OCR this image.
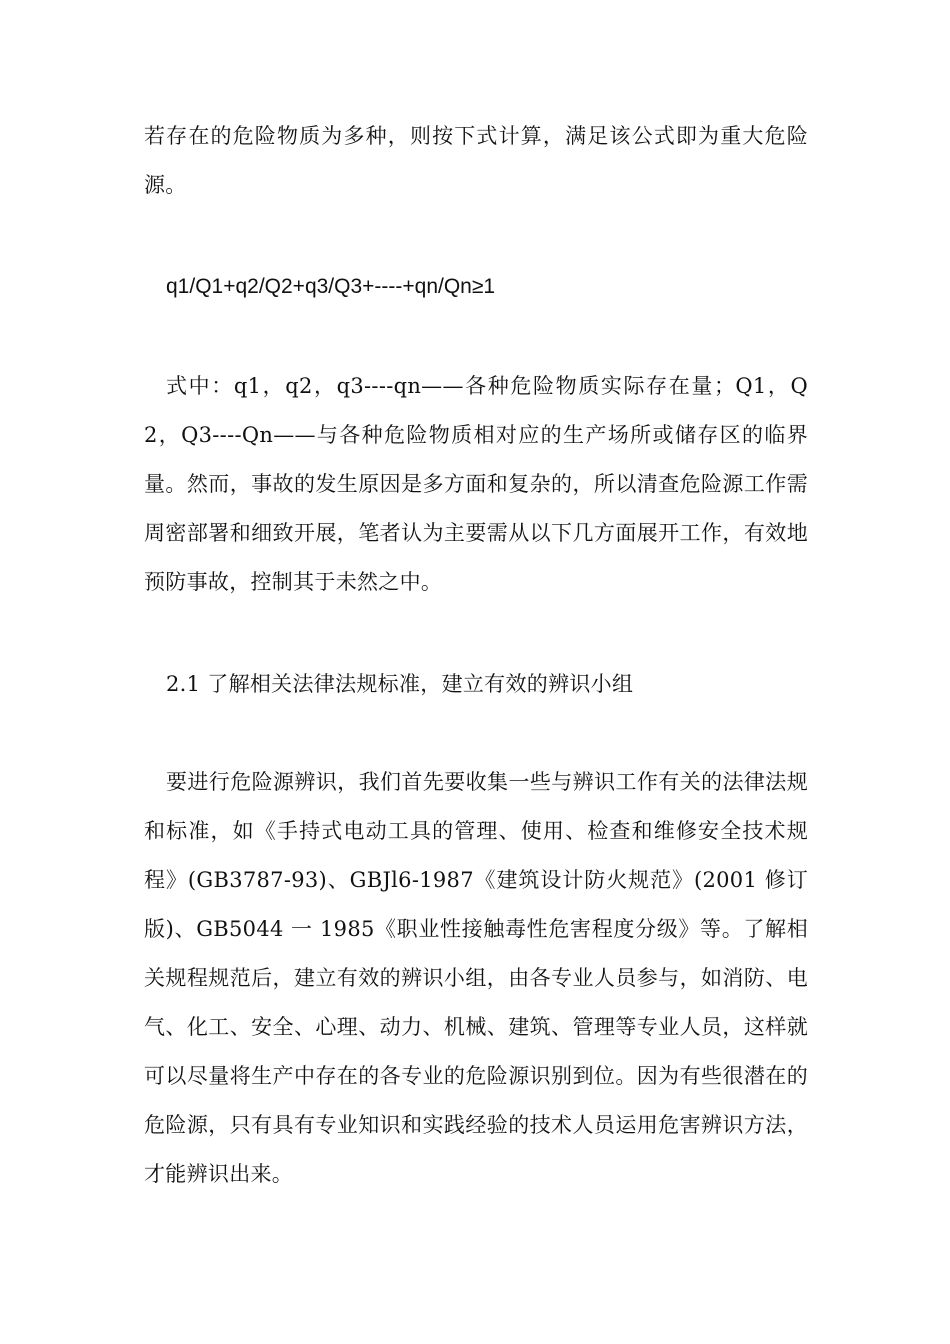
若存在的危险物质为多种，则按下式计算，满足该公式即为重大危险源。

q1/Q1+q2/Q2+q3/Q3+----+qn/Qn≥1

式中：q1，q2，q3----qn——各种危险物质实际存在量；Q1，Q2，Q3----Qn——与各种危险物质相对应的生产场所或储存区的临界量。然而，事故的发生原因是多方面和复杂的，所以清查危险源工作需周密部署和细致开展，笔者认为主要需从以下几方面展开工作，有效地预防事故，控制其于未然之中。

2.1 了解相关法律法规标准，建立有效的辨识小组

要进行危险源辨识，我们首先要收集一些与辨识工作有关的法律法规和标准，如《手持式电动工具的管理、使用、检查和维修安全技术规程》(GB3787-93)、GBJl6-1987《建筑设计防火规范》(2001 修订版)、GB5044 一 1985《职业性接触毒性危害程度分级》等。了解相关规程规范后，建立有效的辨识小组，由各专业人员参与，如消防、电气、化工、安全、心理、动力、机械、建筑、管理等专业人员，这样就可以尽量将生产中存在的各专业的危险源识别到位。因为有些很潜在的危险源，只有具有专业知识和实践经验的技术人员运用危害辨识方法，才能辨识出来。
